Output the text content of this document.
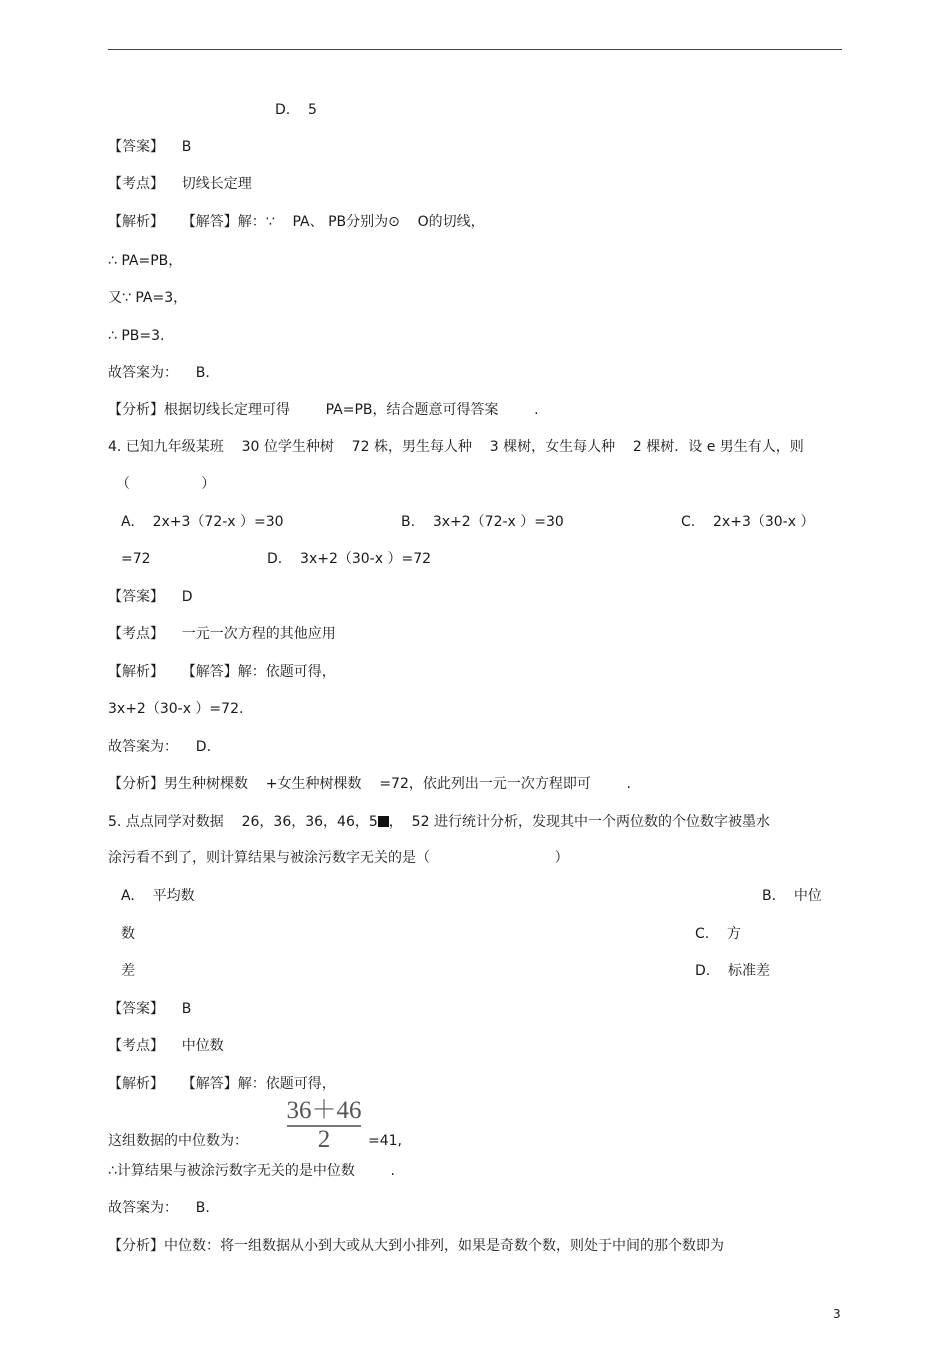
D.    5
【答案】    B
【考点】    切线长定理
【解析】    【解答】解：∵    PA、 PB分别为⊙    O的切线，
∴ PA=PB，
又∵ PA=3，
∴ PB=3.
故答案为：    B.
【分析】根据切线长定理可得        PA=PB，结合题意可得答案        .
4. 已知九年级某班    30 位学生种树    72 株，男生每人种    3 棵树，女生每人种    2 棵树．设 e 男生有人，则
（                ）
A.    2x+3（72-x ）=30	B.    3x+2（72-x ）=30	C.    2x+3（30-x ）
=72	D.    3x+2（30-x ）=72
【答案】    D
【考点】    一元一次方程的其他应用
【解析】    【解答】解：依题可得，
3x+2（30-x ）=72.
故答案为：    D.
【分析】男生种树棵数    +女生种树棵数    =72，依此列出一元一次方程即可        .
5. 点点同学对数据    26，36，36，46，5 ，  52 进行统计分析，发现其中一个两位数的个位数字被墨水
涂污看不到了，则计算结果与被涂污数字无关的是（                            ）
A.    平均数	B.    中位
数	C.    方
差	D.    标准差
【答案】    B
【考点】    中位数
【解析】    【解答】解：依题可得，
36＋46
2
这组数据的中位数为：	=41,
∴计算结果与被涂污数字无关的是中位数        .
故答案为：    B.
【分析】中位数：将一组数据从小到大或从大到小排列，如果是奇数个数，则处于中间的那个数即为
3
